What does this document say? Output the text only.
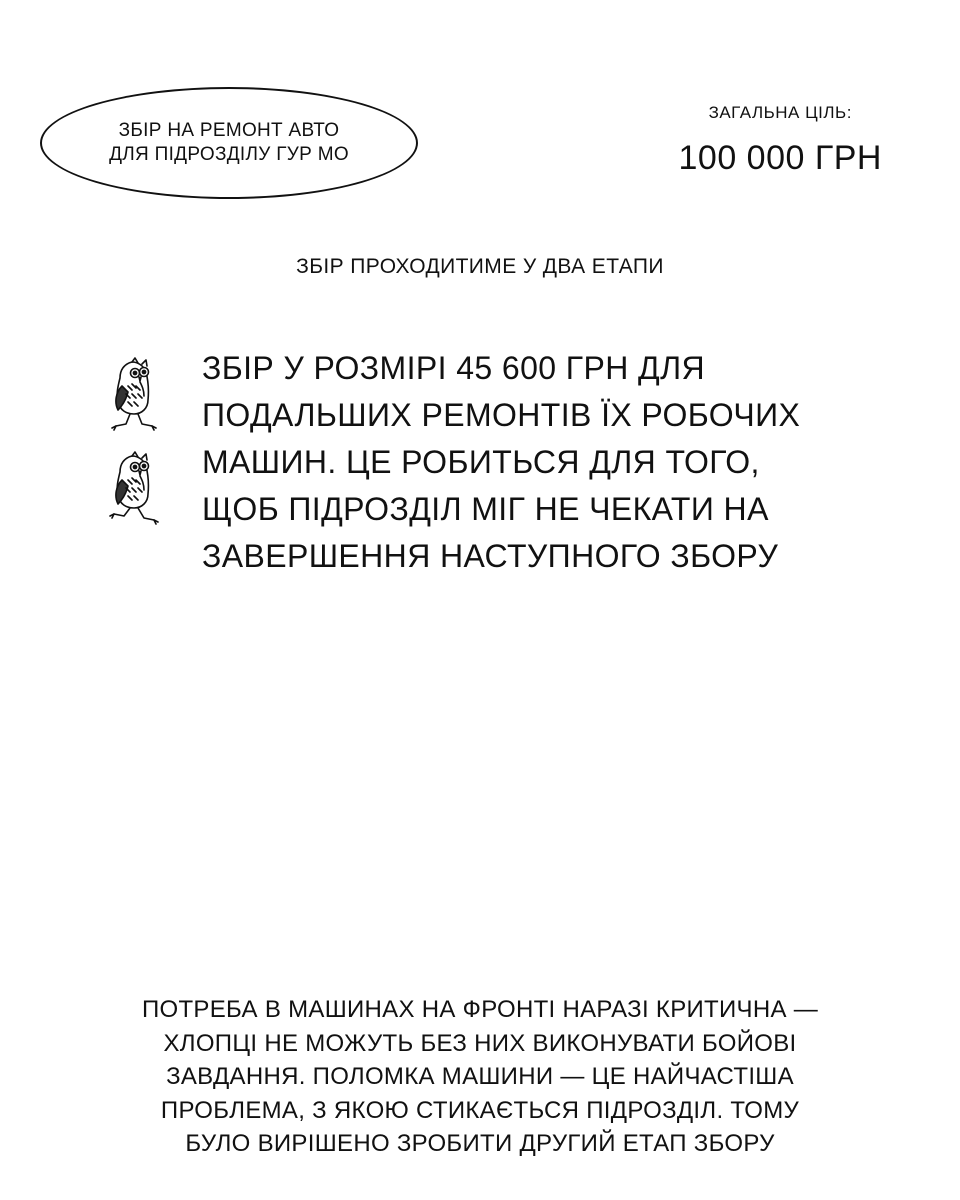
ЗБІР НА РЕМОНТ АВТО
ДЛЯ ПІДРОЗДІЛУ ГУР МО
ЗАГАЛЬНА ЦІЛЬ:
100 000 ГРН
ЗБІР ПРОХОДИТИМЕ У ДВА ЕТАПИ
ЗБІР У РОЗМІРІ 45 600 ГРН ДЛЯ
ПОДАЛЬШИХ РЕМОНТІВ ЇХ РОБОЧИХ
МАШИН. ЦЕ РОБИТЬСЯ ДЛЯ ТОГО,
ЩОБ ПІДРОЗДІЛ МІГ НЕ ЧЕКАТИ НА
ЗАВЕРШЕННЯ НАСТУПНОГО ЗБОРУ
ПОТРЕБА В МАШИНАХ НА ФРОНТІ НАРАЗІ КРИТИЧНА —
ХЛОПЦІ НЕ МОЖУТЬ БЕЗ НИХ ВИКОНУВАТИ БОЙОВІ
ЗАВДАННЯ. ПОЛОМКА МАШИНИ — ЦЕ НАЙЧАСТІША
ПРОБЛЕМА, З ЯКОЮ СТИКАЄТЬСЯ ПІДРОЗДІЛ. ТОМУ
БУЛО ВИРІШЕНО ЗРОБИТИ ДРУГИЙ ЕТАП ЗБОРУ
